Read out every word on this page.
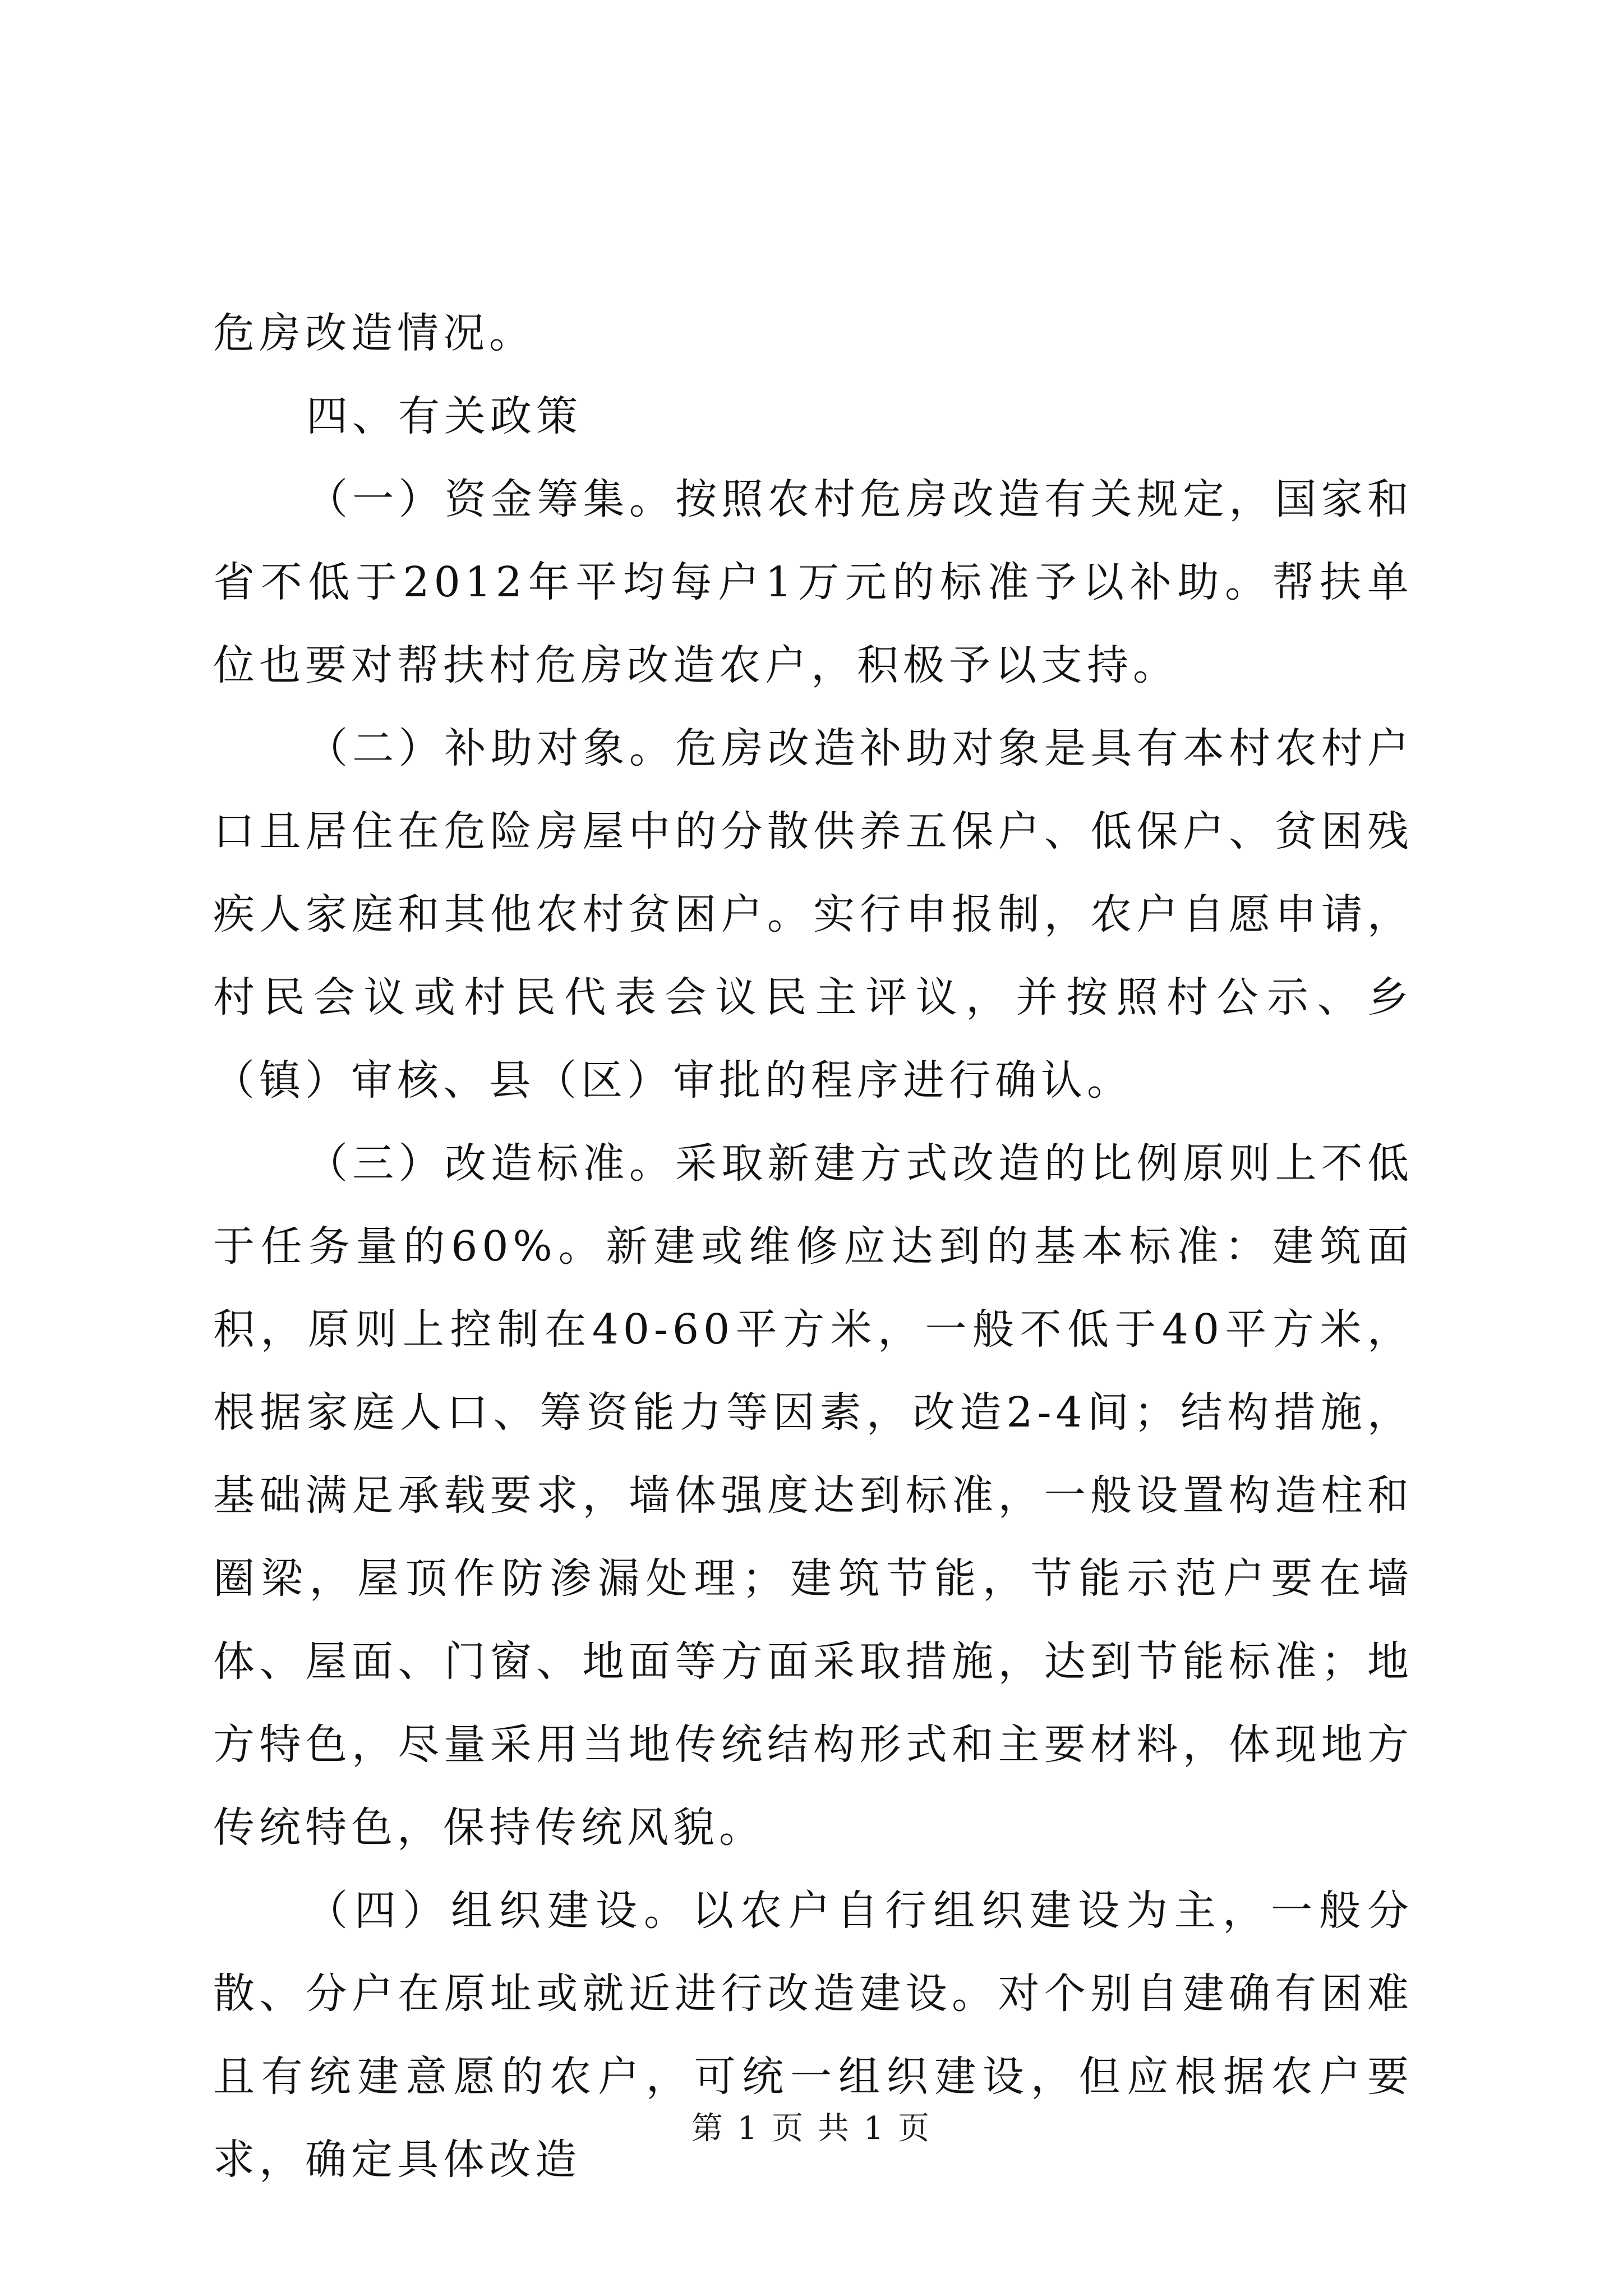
危房改造情况。

四、有关政策

（一）资金筹集。按照农村危房改造有关规定，国家和省不低于2012年平均每户1万元的标准予以补助。帮扶单位也要对帮扶村危房改造农户，积极予以支持。

（二）补助对象。危房改造补助对象是具有本村农村户口且居住在危险房屋中的分散供养五保户、低保户、贫困残疾人家庭和其他农村贫困户。实行申报制，农户自愿申请，村民会议或村民代表会议民主评议，并按照村公示、乡（镇）审核、县（区）审批的程序进行确认。

（三）改造标准。采取新建方式改造的比例原则上不低于任务量的60%。新建或维修应达到的基本标准：建筑面积，原则上控制在40-60平方米，一般不低于40平方米，根据家庭人口、筹资能力等因素，改造2-4间；结构措施，基础满足承载要求，墙体强度达到标准，一般设置构造柱和圈梁，屋顶作防渗漏处理；建筑节能，节能示范户要在墙体、屋面、门窗、地面等方面采取措施，达到节能标准；地方特色，尽量采用当地传统结构形式和主要材料，体现地方传统特色，保持传统风貌。

（四）组织建设。以农户自行组织建设为主，一般分散、分户在原址或就近进行改造建设。对个别自建确有困难且有统建意愿的农户，可统一组织建设，但应根据农户要求，确定具体改造

第 1 页 共 1 页
